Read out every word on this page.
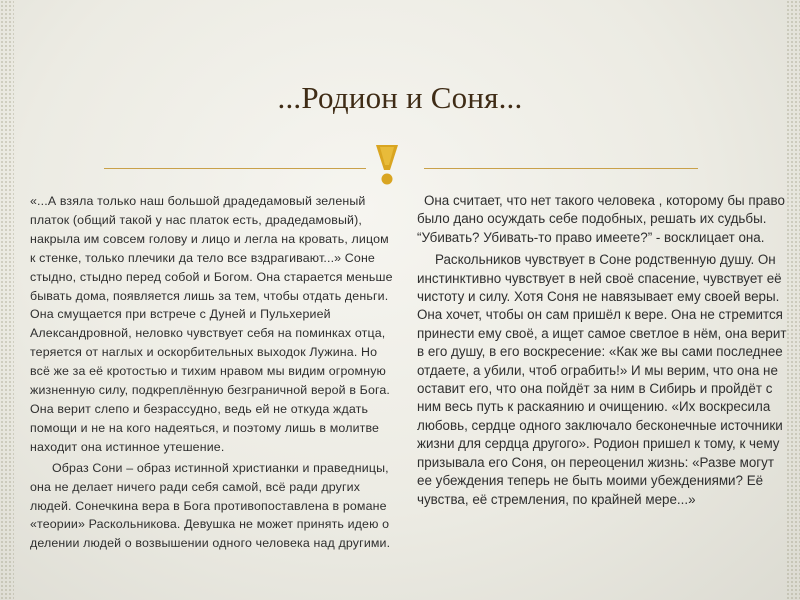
...Родион и Соня...

«...А взяла только наш большой драдедамовый зеленый платок (общий такой у нас платок есть, драдедамовый), накрыла им совсем голову и лицо и легла на кровать, лицом к стенке, только плечики да тело все вздрагивают...» Соне стыдно, стыдно перед собой и Богом. Она старается меньше бывать дома, появляется лишь за тем, чтобы отдать деньги. Она смущается при встрече с Дуней и Пульхерией Александровной, неловко чувствует себя на поминках отца, теряется от наглых и оскорбительных выходок Лужина. Но всё же за её кротостью и тихим нравом мы видим огромную жизненную силу, подкреплённую безграничной верой в Бога. Она верит слепо и безрассудно, ведь ей не откуда ждать помощи и не на кого надеяться, и поэтому лишь в молитве находит она истинное утешение.

Образ Сони – образ истинной христианки и праведницы, она не делает ничего ради себя самой, всё ради других людей. Сонечкина вера в Бога противопоставлена в романе «теории» Раскольникова. Девушка не может принять идею о делении людей о возвышении одного человека над другими.

Она считает, что нет такого человека , которому бы право было дано осуждать себе подобных, решать их судьбы. “Убивать? Убивать-то право имеете?” - восклицает она.

Раскольников чувствует в Соне родственную душу. Он инстинктивно чувствует в ней своё спасение, чувствует её чистоту и силу. Хотя Соня не навязывает ему своей веры. Она хочет, чтобы он сам пришёл к вере. Она не стремится принести ему своё, а ищет самое светлое в нём, она верит в его душу, в его воскресение: «Как же вы сами последнее отдаете, а убили, чтоб ограбить!» И мы верим, что она не оставит его, что она пойдёт за ним в Сибирь и пройдёт с ним весь путь к раскаянию и очищению. «Их воскресила любовь, сердце одного заключало бесконечные источники жизни для сердца другого». Родион пришел к тому, к чему призывала его Соня, он переоценил жизнь: «Разве могут ее убеждения теперь не быть моими убеждениями? Её чувства, её стремления, по крайней мере...»
